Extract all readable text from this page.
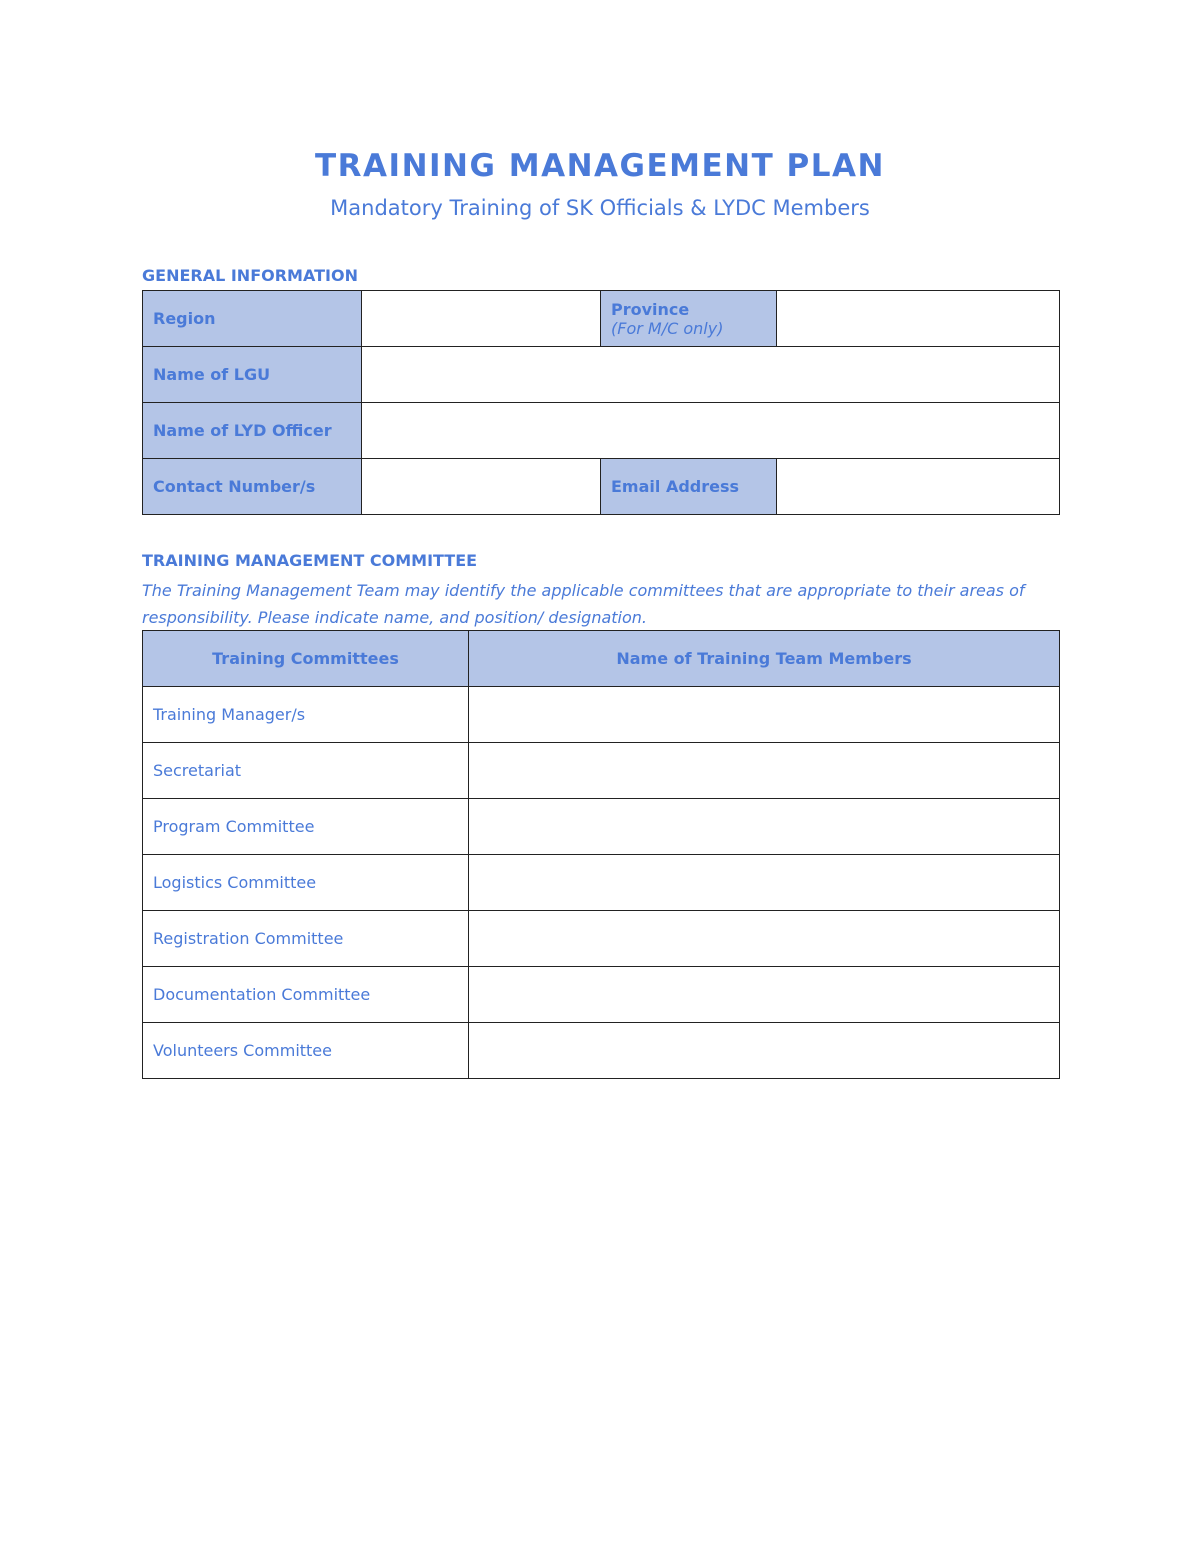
TRAINING MANAGEMENT PLAN
Mandatory Training of SK Officials & LYDC Members
GENERAL INFORMATION
Region		Province
(For M/C only)	

Name of LGU			
Name of LYD Officer			
Contact Number/s		Email Address	
TRAINING MANAGEMENT COMMITTEE
The Training Management Team may identify the applicable committees that are appropriate to their areas of responsibility. Please indicate name, and position/ designation.
Training Committees	Name of Training Team Members
Training Manager/s	
Secretariat	
Program Committee	
Logistics Committee	
Registration Committee	
Documentation Committee	
Volunteers Committee	
